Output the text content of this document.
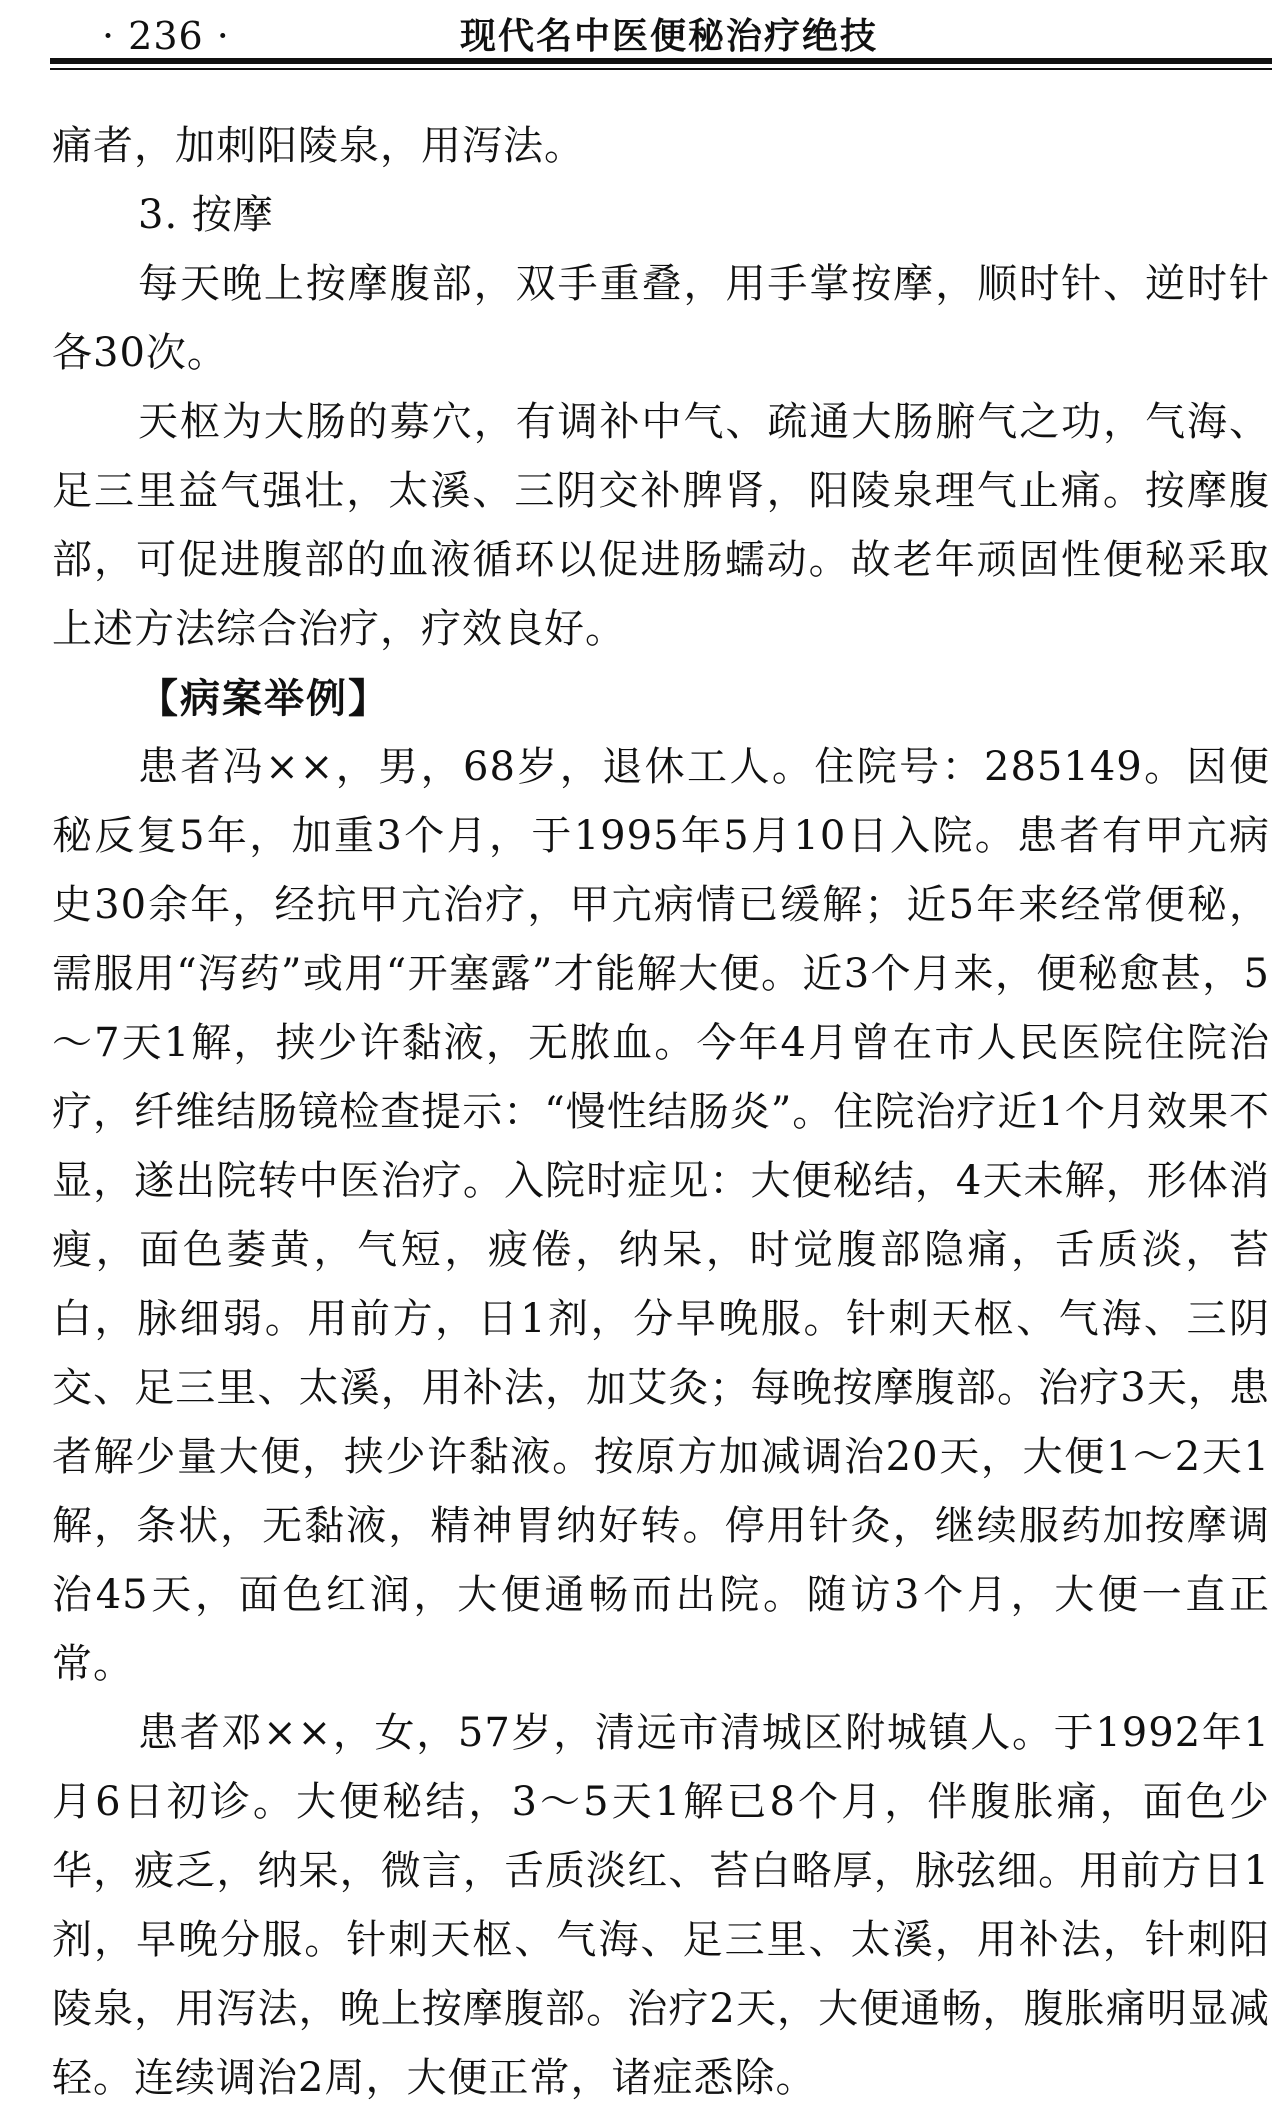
· 236 ·	现代名中医便秘治疗绝技

痛者，加刺阳陵泉，用泻法。

3. 按摩

每天晚上按摩腹部，双手重叠，用手掌按摩，顺时针、逆时针各30次。

天枢为大肠的募穴，有调补中气、疏通大肠腑气之功，气海、足三里益气强壮，太溪、三阴交补脾肾，阳陵泉理气止痛。按摩腹部，可促进腹部的血液循环以促进肠蠕动。故老年顽固性便秘采取上述方法综合治疗，疗效良好。

【病案举例】

患者冯××，男，68岁，退休工人。住院号：285149。因便秘反复5年，加重3个月，于1995年5月10日入院。患者有甲亢病史30余年，经抗甲亢治疗，甲亢病情已缓解；近5年来经常便秘，需服用“泻药”或用“开塞露”才能解大便。近3个月来，便秘愈甚，5～7天1解，挟少许黏液，无脓血。今年4月曾在市人民医院住院治疗，纤维结肠镜检查提示：“慢性结肠炎”。住院治疗近1个月效果不显，遂出院转中医治疗。入院时症见：大便秘结，4天未解，形体消瘦，面色萎黄，气短，疲倦，纳呆，时觉腹部隐痛，舌质淡，苔白，脉细弱。用前方，日1剂，分早晚服。针刺天枢、气海、三阴交、足三里、太溪，用补法，加艾灸；每晚按摩腹部。治疗3天，患者解少量大便，挟少许黏液。按原方加减调治20天，大便1～2天1解，条状，无黏液，精神胃纳好转。停用针灸，继续服药加按摩调治45天，面色红润，大便通畅而出院。随访3个月，大便一直正常。

患者邓××，女，57岁，清远市清城区附城镇人。于1992年1月6日初诊。大便秘结，3～5天1解已8个月，伴腹胀痛，面色少华，疲乏，纳呆，微言，舌质淡红、苔白略厚，脉弦细。用前方日1剂，早晚分服。针刺天枢、气海、足三里、太溪，用补法，针刺阳陵泉，用泻法，晚上按摩腹部。治疗2天，大便通畅，腹胀痛明显减轻。连续调治2周，大便正常，诸症悉除。
